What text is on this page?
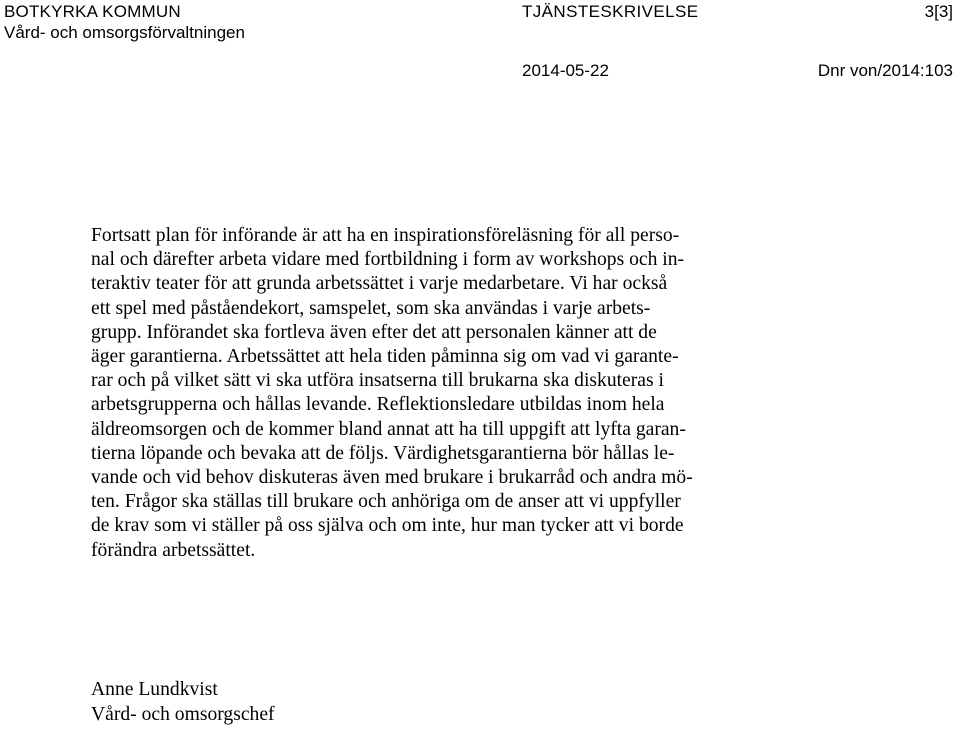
BOTKYRKA KOMMUN
Vård- och omsorgsförvaltningen
TJÄNSTESKRIVELSE	3[3]
2014-05-22	Dnr von/2014:103
Fortsatt plan för införande är att ha en inspirationsföreläsning för all perso-
nal och därefter arbeta vidare med fortbildning i form av workshops och in-
teraktiv teater för att grunda arbetssättet i varje medarbetare. Vi har också
ett spel med påståendekort, samspelet, som ska användas i varje arbets-
grupp. Införandet ska fortleva även efter det att personalen känner att de
äger garantierna. Arbetssättet att hela tiden påminna sig om vad vi garante-
rar och på vilket sätt vi ska utföra insatserna till brukarna ska diskuteras i
arbetsgrupperna och hållas levande. Reflektionsledare utbildas inom hela
äldreomsorgen och de kommer bland annat att ha till uppgift att lyfta garan-
tierna löpande och bevaka att de följs. Värdighetsgarantierna bör hållas le-
vande och vid behov diskuteras även med brukare i brukarråd och andra mö-
ten. Frågor ska ställas till brukare och anhöriga om de anser att vi uppfyller
de krav som vi ställer på oss själva och om inte, hur man tycker att vi borde
förändra arbetssättet.
Anne Lundkvist
Vård- och omsorgschef
